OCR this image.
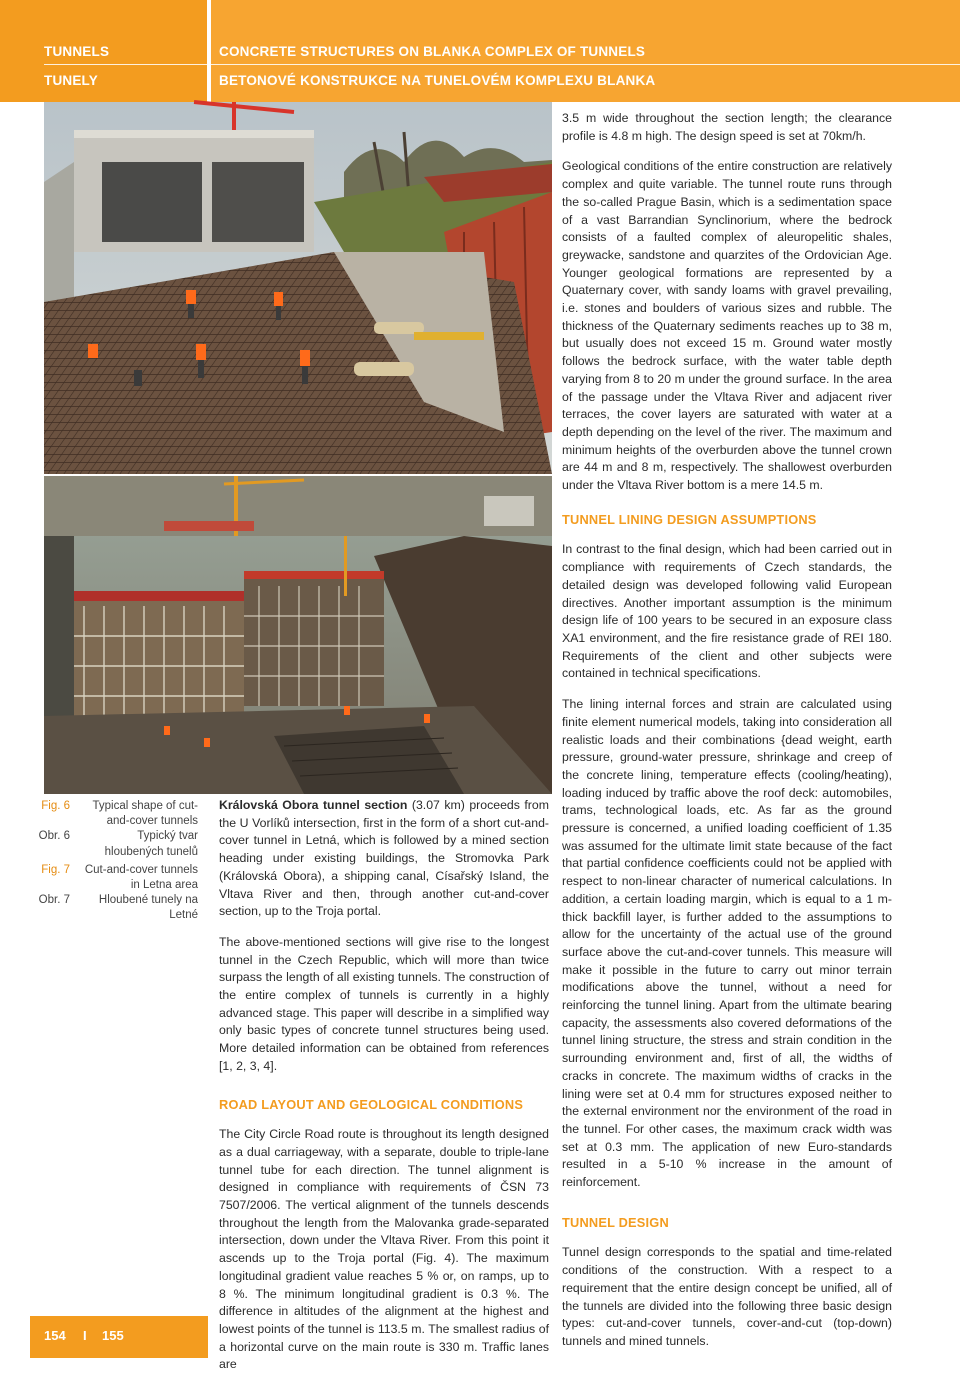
TUNNELS
TUNELY
CONCRETE STRUCTURES ON BLANKA COMPLEX OF TUNNELS
BETONOVÉ KONSTRUKCE NA TUNELOVÉM KOMPLEXU BLANKA
Fig. 6	Typical shape of cut-and-cover tunnels
Obr. 6	Typický tvar hloubených tunelů
Fig. 7	Cut-and-cover tunnels in Letna area
Obr. 7	Hloubené tunely na Letné

Královská Obora tunnel section (3.07 km) proceeds from the U Vorlíků intersection, first in the form of a short cut-and-cover tunnel in Letná, which is followed by a mined section heading under existing buildings, the Stromovka Park (Královská Obora), a shipping canal, Císařský Island, the Vltava River and then, through another cut-and-cover section, up to the Troja portal.

The above-mentioned sections will give rise to the longest tunnel in the Czech Republic, which will more than twice surpass the length of all existing tunnels. The construction of the entire complex of tunnels is currently in a highly advanced stage. This paper will describe in a simplified way only basic types of concrete tunnel structures being used. More detailed information can be obtained from references [1, 2, 3, 4].

ROAD LAYOUT AND GEOLOGICAL CONDITIONS

The City Circle Road route is throughout its length designed as a dual carriageway, with a separate, double to triple-lane tunnel tube for each direction. The tunnel alignment is designed in compliance with requirements of ČSN 73 7507/2006. The vertical alignment of the tunnels descends throughout the length from the Malovanka grade-separated intersection, down under the Vltava River. From this point it ascends up to the Troja portal (Fig. 4). The maximum longitudinal gradient value reaches 5 % or, on ramps, up to 8 %. The minimum longitudinal gradient is 0.3 %. The difference in altitudes of the alignment at the highest and lowest points of the tunnel is 113.5 m. The smallest radius of a horizontal curve on the main route is 330 m. Traffic lanes are

3.5 m wide throughout the section length; the clearance profile is 4.8 m high. The design speed is set at 70km/h.

Geological conditions of the entire construction are relatively complex and quite variable. The tunnel route runs through the so-called Prague Basin, which is a sedimentation space of a vast Barrandian Synclinorium, where the bedrock consists of a faulted complex of aleuropelitic shales, greywacke, sandstone and quarzites of the Ordovician Age. Younger geological formations are represented by a Quaternary cover, with sandy loams with gravel prevailing, i.e. stones and boulders of various sizes and rubble. The thickness of the Quaternary sediments reaches up to 38 m, but usually does not exceed 15 m. Ground water mostly follows the bedrock surface, with the water table depth varying from 8 to 20 m under the ground surface. In the area of the passage under the Vltava River and adjacent river terraces, the cover layers are saturated with water at a depth depending on the level of the river. The maximum and minimum heights of the overburden above the tunnel crown are 44 m and 8 m, respectively. The shallowest overburden under the Vltava River bottom is a mere 14.5 m.

TUNNEL LINING DESIGN ASSUMPTIONS

In contrast to the final design, which had been carried out in compliance with requirements of Czech standards, the detailed design was developed following valid European directives. Another important assumption is the minimum design life of 100 years to be secured in an exposure class XA1 environment, and the fire resistance grade of REI 180. Requirements of the client and other subjects were contained in technical specifications.

The lining internal forces and strain are calculated using finite element numerical models, taking into consideration all realistic loads and their combinations {dead weight, earth pressure, ground-water pressure, shrinkage and creep of the concrete lining, temperature effects (cooling/heating), loading induced by traffic above the roof deck: automobiles, trams, technological loads, etc. As far as the ground pressure is concerned, a unified loading coefficient of 1.35 was assumed for the ultimate limit state because of the fact that partial confidence coefficients could not be applied with respect to non-linear character of numerical calculations. In addition, a certain loading margin, which is equal to a 1 m-thick backfill layer, is further added to the assumptions to allow for the uncertainty of the actual use of the ground surface above the cut-and-cover tunnels. This measure will make it possible in the future to carry out minor terrain modifications above the tunnel, without a need for reinforcing the tunnel lining. Apart from the ultimate bearing capacity, the assessments also covered deformations of the tunnel lining structure, the stress and strain condition in the surrounding environment and, first of all, the widths of cracks in concrete. The maximum widths of cracks in the lining were set at 0.4 mm for structures exposed neither to the external environment nor the environment of the road in the tunnel. For other cases, the maximum crack width was set at 0.3 mm. The application of new Euro-standards resulted in a 5-10 % increase in the amount of reinforcement.

TUNNEL DESIGN

Tunnel design corresponds to the spatial and time-related conditions of the construction. With a respect to a requirement that the entire design concept be unified, all of the tunnels are divided into the following three basic design types: cut-and-cover tunnels, cover-and-cut (top-down) tunnels and mined tunnels.

154 I 155
